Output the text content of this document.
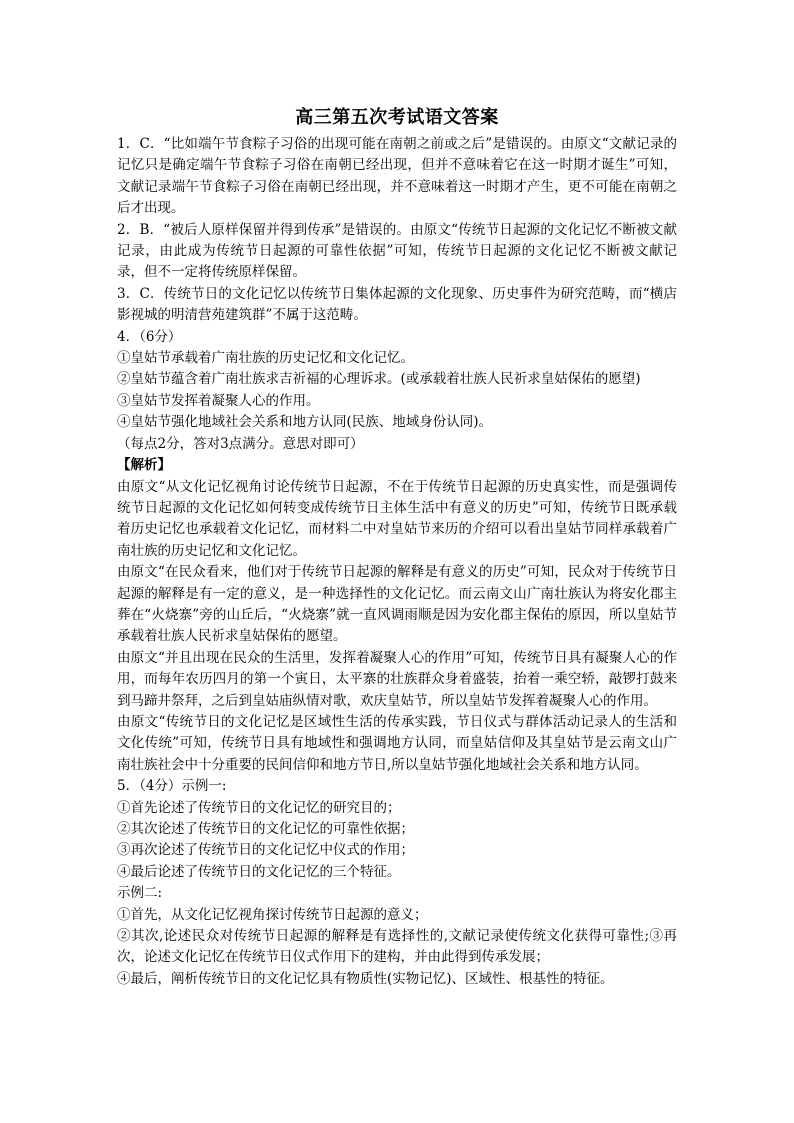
高三第五次考试语文答案

1．C．“比如端午节食粽子习俗的出现可能在南朝之前或之后”是错误的。由原文“文献记录的记忆只是确定端午节食粽子习俗在南朝已经出现，但并不意味着它在这一时期才诞生”可知，文献记录端午节食粽子习俗在南朝已经出现，并不意味着这一时期才产生，更不可能在南朝之后才出现。

2．B．“被后人原样保留并得到传承”是错误的。由原文“传统节日起源的文化记忆不断被文献记录，由此成为传统节日起源的可靠性依据”可知，传统节日起源的文化记忆不断被文献记录，但不一定将传统原样保留。

3．C．传统节日的文化记忆以传统节日集体起源的文化现象、历史事件为研究范畴，而“横店影视城的明清营苑建筑群”不属于这范畴。

4．（6分）

①皇姑节承载着广南壮族的历史记忆和文化记忆。

②皇姑节蕴含着广南壮族求吉祈福的心理诉求。(或承载着壮族人民祈求皇姑保佑的愿望)

③皇姑节发挥着凝聚人心的作用。

④皇姑节强化地域社会关系和地方认同(民族、地域身份认同)。

（每点2分，答对3点满分。意思对即可）

【解析】

由原文“从文化记忆视角讨论传统节日起源，不在于传统节日起源的历史真实性，而是强调传统节日起源的文化记忆如何转变成传统节日主体生活中有意义的历史”可知，传统节日既承载着历史记忆也承载着文化记忆，而材料二中对皇姑节来历的介绍可以看出皇姑节同样承载着广南壮族的历史记忆和文化记忆。

由原文“在民众看来，他们对于传统节日起源的解释是有意义的历史”可知，民众对于传统节日起源的解释是有一定的意义，是一种选择性的文化记忆。而云南文山广南壮族认为将安化郡主葬在“火烧寨”旁的山丘后，“火烧寨”就一直风调雨顺是因为安化郡主保佑的原因，所以皇姑节承载着壮族人民祈求皇姑保佑的愿望。

由原文“并且出现在民众的生活里，发挥着凝聚人心的作用”可知，传统节日具有凝聚人心的作用，而每年农历四月的第一个寅日，太平寨的壮族群众身着盛装，抬着一乘空轿，敲锣打鼓来到马蹄井祭拜，之后到皇姑庙纵情对歌，欢庆皇姑节，所以皇姑节发挥着凝聚人心的作用。

由原文“传统节日的文化记忆是区域性生活的传承实践，节日仪式与群体活动记录人的生活和文化传统”可知，传统节日具有地域性和强调地方认同，而皇姑信仰及其皇姑节是云南文山广南壮族社会中十分重要的民间信仰和地方节日,所以皇姑节强化地域社会关系和地方认同。

5．（4分）示例一:

①首先论述了传统节日的文化记忆的研究目的；

②其次论述了传统节日的文化记忆的可靠性依据；

③再次论述了传统节日的文化记忆中仪式的作用；

④最后论述了传统节日的文化记忆的三个特征。

示例二:

①首先，从文化记忆视角探讨传统节日起源的意义；

②其次,论述民众对传统节日起源的解释是有选择性的,文献记录使传统文化获得可靠性;③再次，论述文化记忆在传统节日仪式作用下的建构，并由此得到传承发展；

④最后，阐析传统节日的文化记忆具有物质性(实物记忆)、区域性、根基性的特征。
